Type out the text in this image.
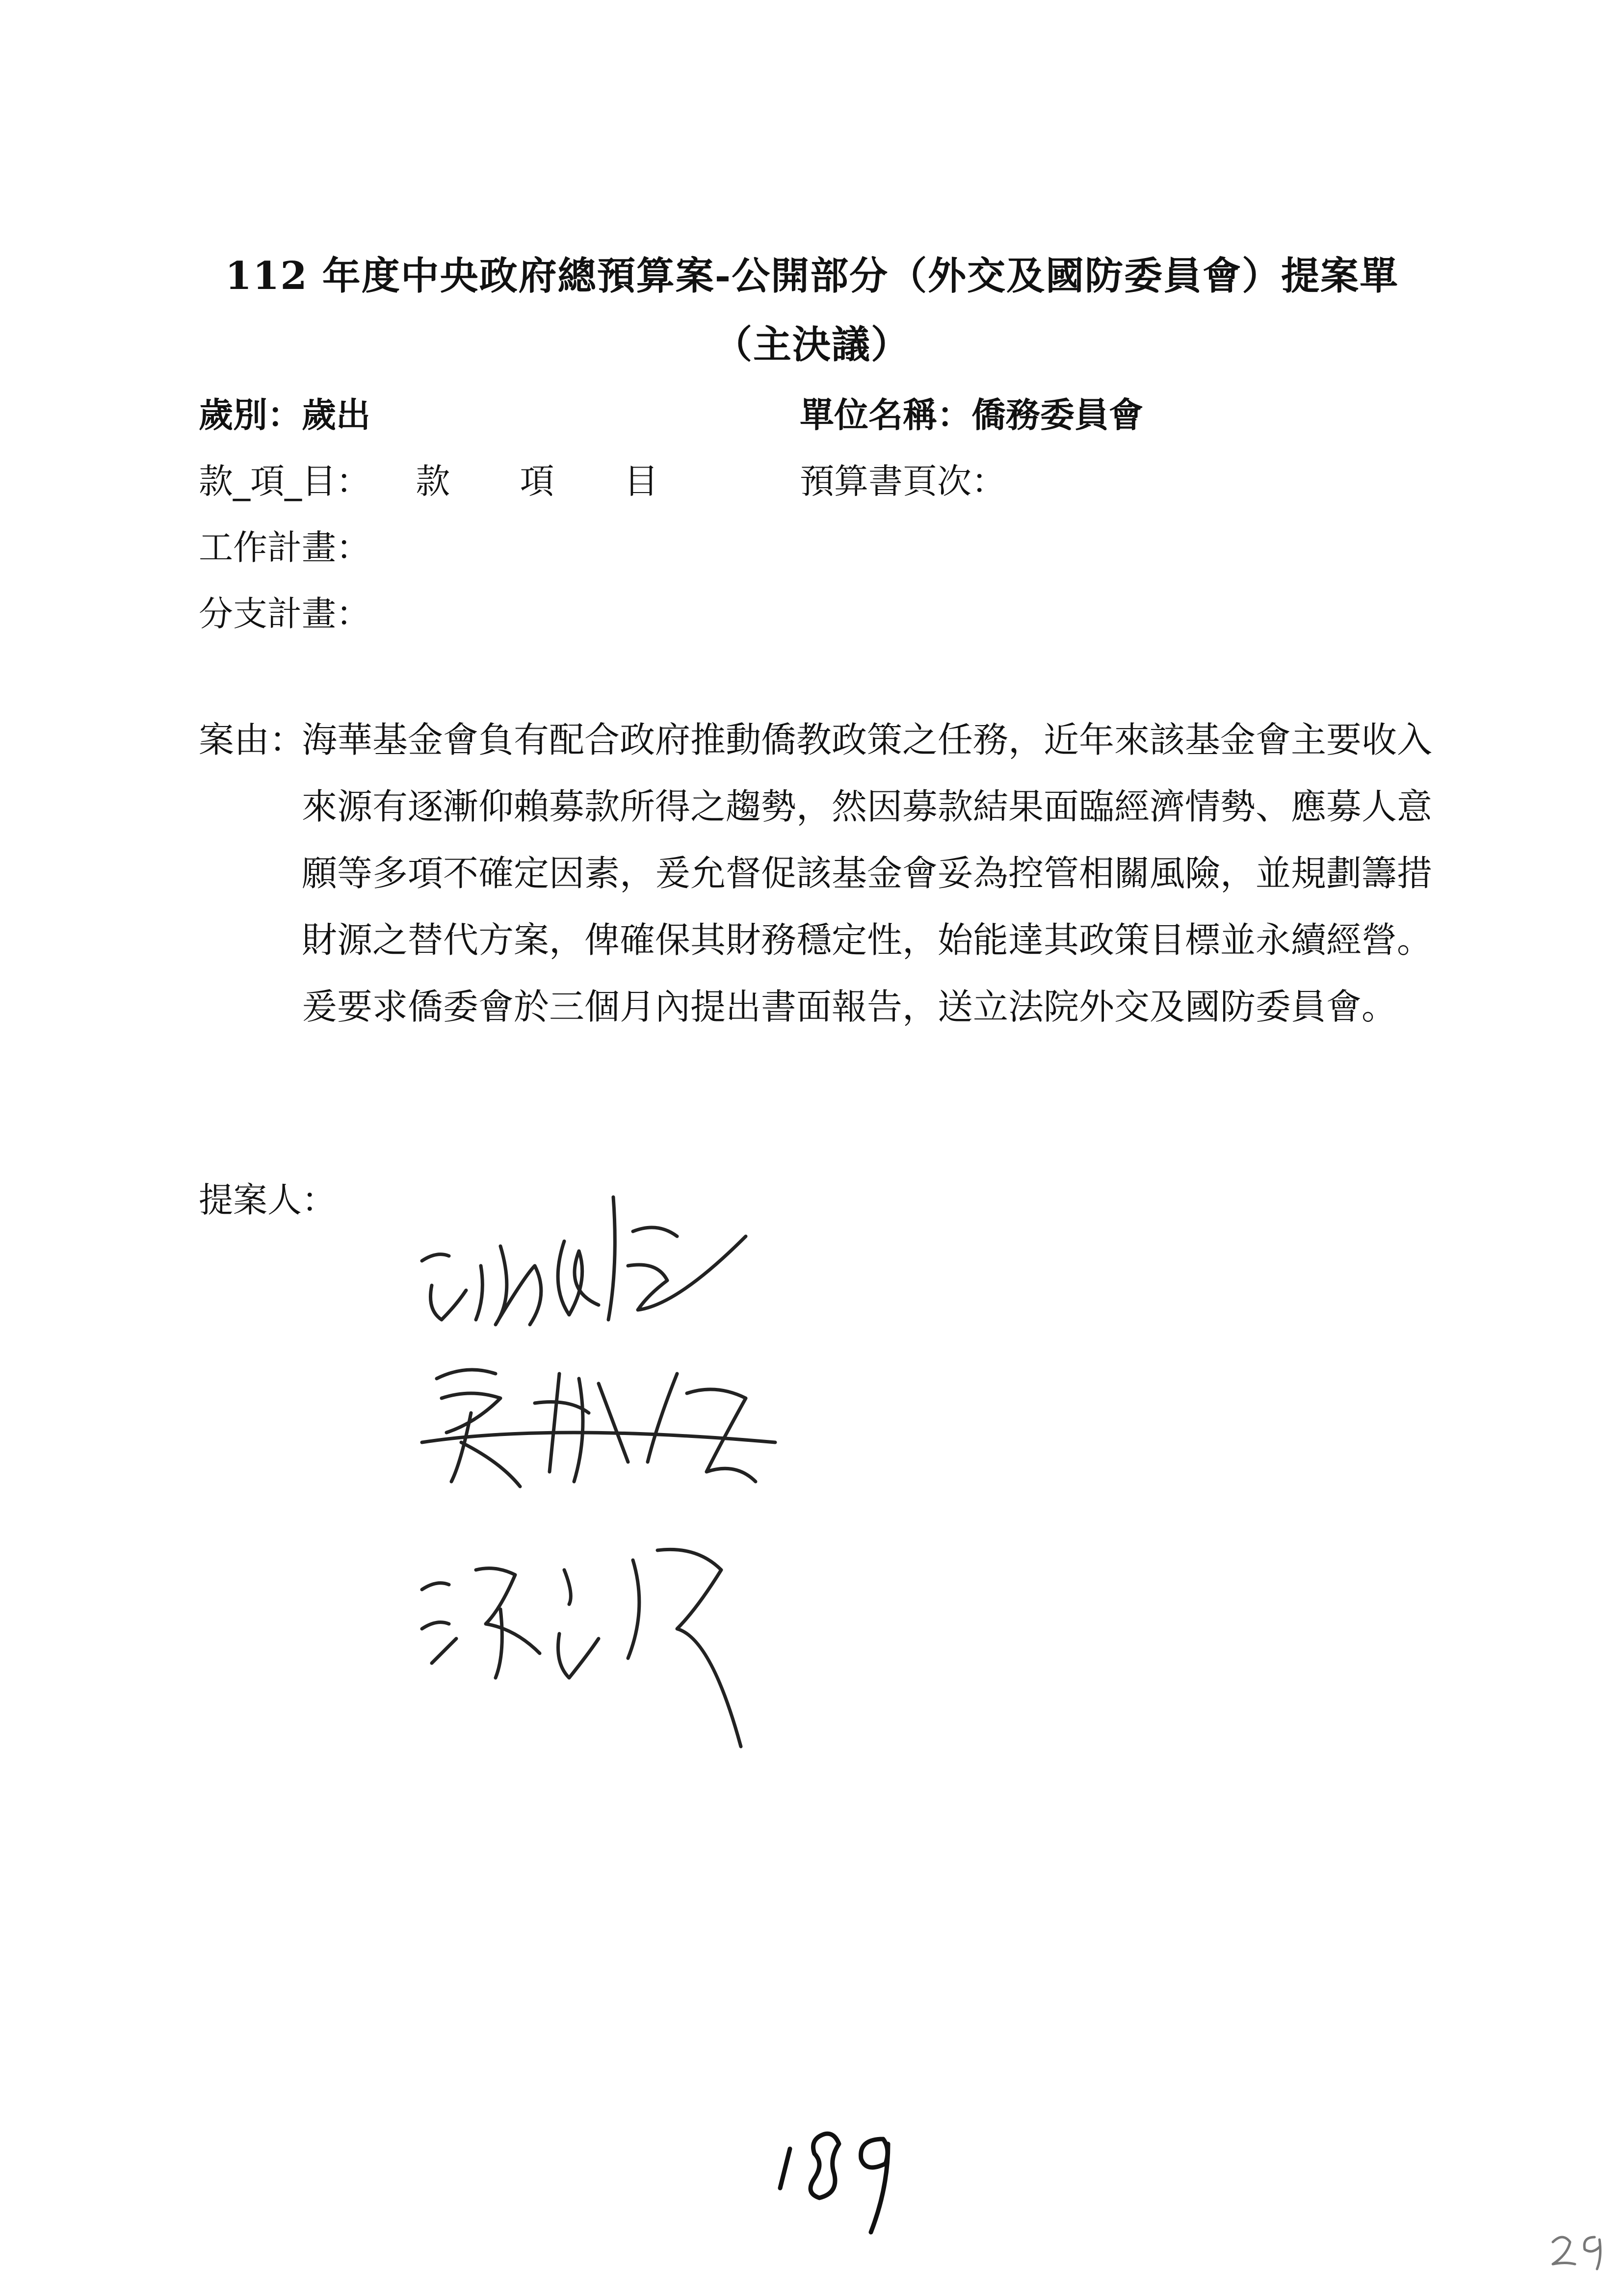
112 年度中央政府總預算案-公開部分（外交及國防委員會）提案單
（主決議）
歲別：歲出	單位名稱：僑務委員會
款_項_目： 款 項 目	預算書頁次：
工作計畫：
分支計畫：
案由：
海華基金會負有配合政府推動僑教政策之任務，近年來該基金會主要收入來源有逐漸仰賴募款所得之趨勢，然因募款結果面臨經濟情勢、應募人意願等多項不確定因素，爰允督促該基金會妥為控管相關風險，並規劃籌措財源之替代方案，俾確保其財務穩定性，始能達其政策目標並永續經營。爰要求僑委會於三個月內提出書面報告，送立法院外交及國防委員會。
提案人：
